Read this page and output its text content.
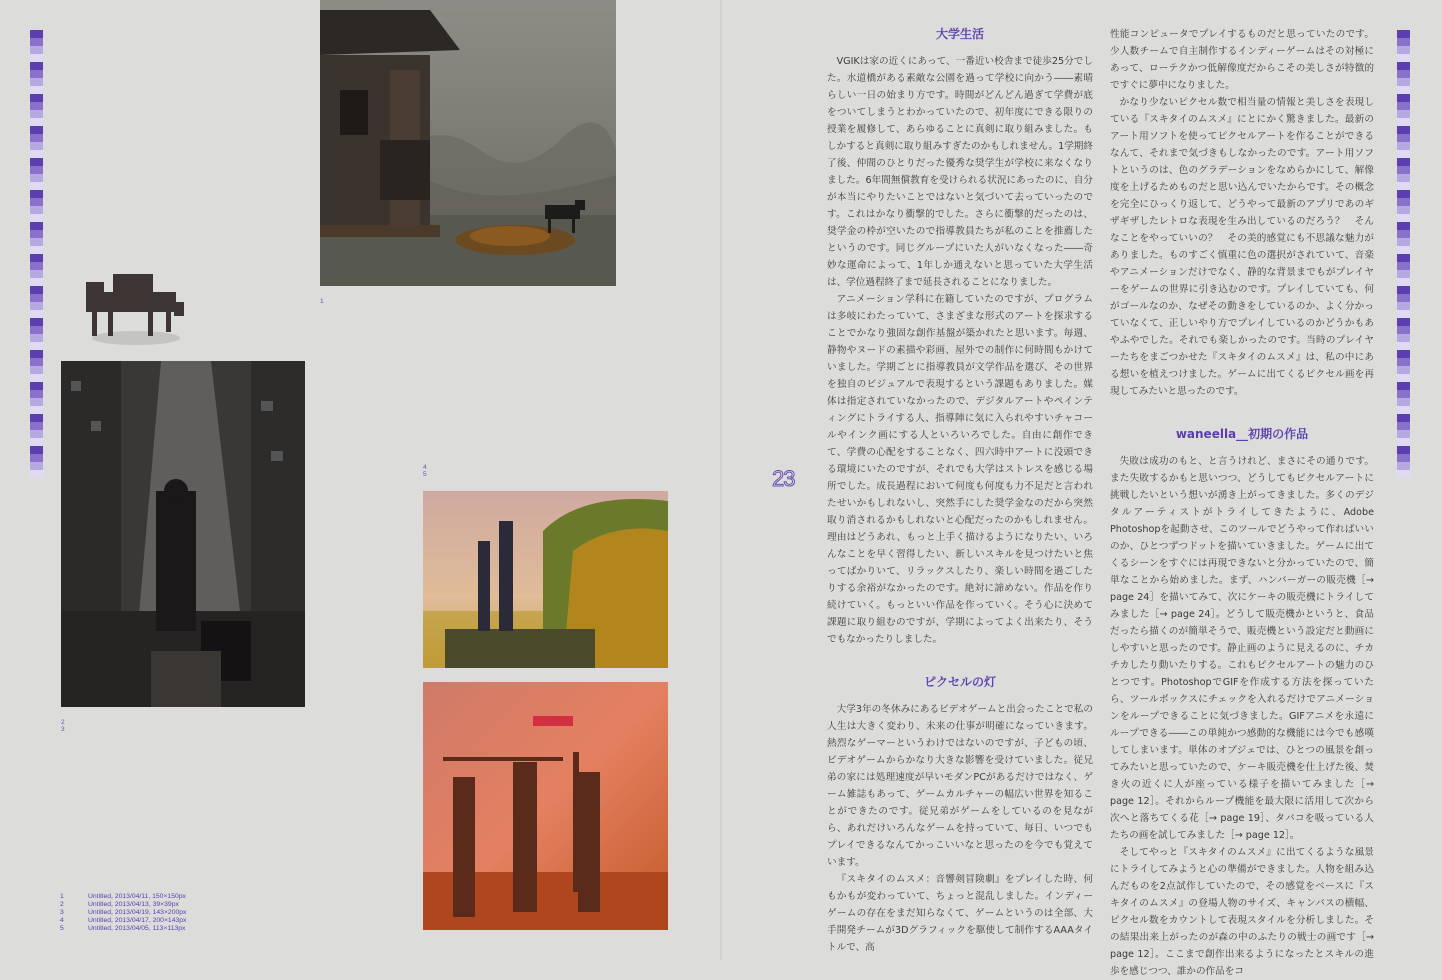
1
2
3
4
5
1	Untitled, 2013/04/11, 150×150px
2	Untitled, 2013/04/13, 39×39px
3	Untitled, 2013/04/19, 143×200px
4	Untitled, 2013/04/17, 200×143px
5	Untitled, 2013/04/05, 113×113px
23
大学生活

VGIKは家の近くにあって、一番近い校舎まで徒歩25分でした。水道橋がある素敵な公園を過って学校に向かう――素晴らしい一日の始まり方です。時間がどんどん過ぎて学費が底をついてしまうとわかっていたので、初年度にできる限りの授業を履修して、あらゆることに真剣に取り組みました。もしかすると真剣に取り組みすぎたのかもしれません。1学期終了後、仲間のひとりだった優秀な奨学生が学校に来なくなりました。6年間無償教育を受けられる状況にあったのに、自分が本当にやりたいことではないと気づいて去っていったのです。これはかなり衝撃的でした。さらに衝撃的だったのは、奨学金の枠が空いたので指導教員たちが私のことを推薦したというのです。同じグループにいた人がいなくなった――奇妙な運命によって、1年しか通えないと思っていた大学生活は、学位過程終了まで延長されることになりました。

アニメーション学科に在籍していたのですが、プログラムは多岐にわたっていて、さまざまな形式のアートを探求することでかなり強固な創作基盤が築かれたと思います。毎週、静物やヌードの素描や彩画、屋外での制作に何時間もかけていました。学期ごとに指導教員が文学作品を選び、その世界を独自のビジュアルで表現するという課題もありました。媒体は指定されていなかったので、デジタルアートやペインティングにトライする人、指導陣に気に入られやすいチャコールやインク画にする人といろいろでした。自由に創作できて、学費の心配をすることなく、四六時中アートに没頭できる環境にいたのですが、それでも大学はストレスを感じる場所でした。成長過程において何度も何度も力不足だと言われたせいかもしれないし、突然手にした奨学金なのだから突然取り消されるかもしれないと心配だったのかもしれません。理由はどうあれ、もっと上手く描けるようになりたい、いろんなことを早く習得したい、新しいスキルを見つけたいと焦ってばかりいて、リラックスしたり、楽しい時間を過ごしたりする余裕がなかったのです。絶対に諦めない。作品を作り続けていく。もっといい作品を作っていく。そう心に決めて課題に取り組むのですが、学期によってよく出来たり、そうでもなかったりしました。

ピクセルの灯

大学3年の冬休みにあるビデオゲームと出会ったことで私の人生は大きく変わり、未来の仕事が明確になっていきます。熱烈なゲーマーというわけではないのですが、子どもの頃、ビデオゲームからかなり大きな影響を受けていました。従兄弟の家には処理速度が早いモダンPCがあるだけではなく、ゲーム雑誌もあって、ゲームカルチャーの幅広い世界を知ることができたのです。従兄弟がゲームをしているのを見ながら、あれだけいろんなゲームを持っていて、毎日、いつでもプレイできるなんてかっこいいなと思ったのを今でも覚えています。

『スキタイのムスメ：音響剣冒険劇』をプレイした時、何もかもが変わっていて、ちょっと混乱しました。インディーゲームの存在をまだ知らなくて、ゲームというのは全部、大手開発チームが3Dグラフィックを駆使して制作するAAAタイトルで、高

性能コンピュータでプレイするものだと思っていたのです。少人数チームで自主制作するインディーゲームはその対極にあって、ローテクかつ低解像度だからこその美しさが特徴的ですぐに夢中になりました。

かなり少ないピクセル数で相当量の情報と美しさを表現している『スキタイのムスメ』にとにかく驚きました。最新のアート用ソフトを使ってピクセルアートを作ることができるなんて、それまで気づきもしなかったのです。アート用ソフトというのは、色のグラデーションをなめらかにして、解像度を上げるためものだと思い込んでいたからです。その概念を完全にひっくり返して、どうやって最新のアプリであのギザギザしたレトロな表現を生み出しているのだろう？　そんなことをやっていいの？　その美的感覚にも不思議な魅力がありました。ものすごく慎重に色の選択がされていて、音楽やアニメーションだけでなく、静的な背景までもがプレイヤーをゲームの世界に引き込むのです。プレイしていても、何がゴールなのか、なぜその動きをしているのか、よく分かっていなくて、正しいやり方でプレイしているのかどうかもあやふやでした。それでも楽しかったのです。当時のプレイヤーたちをまごつかせた『スキタイのムスメ』は、私の中にある想いを植えつけました。ゲームに出てくるピクセル画を再現してみたいと思ったのです。

waneella__初期の作品

失敗は成功のもと、と言うけれど、まさにその通りです。また失敗するかもと思いつつ、どうしてもピクセルアートに挑戦したいという想いが湧き上がってきました。多くのデジタルアーティストがトライしてきたように、Adobe Photoshopを起動させ、このツールでどうやって作ればいいのか、ひとつずつドットを描いていきました。ゲームに出てくるシーンをすぐには再現できないと分かっていたので、簡単なことから始めました。まず、ハンバーガーの販売機［→ page 24］を描いてみて、次にケーキの販売機にトライしてみました［→ page 24］。どうして販売機かというと、食品だったら描くのが簡単そうで、販売機という設定だと動画にしやすいと思ったのです。静止画のように見えるのに、チカチカしたり動いたりする。これもピクセルアートの魅力のひとつです。PhotoshopでGIFを作成する方法を探っていたら、ツールボックスにチェックを入れるだけでアニメーションをループできることに気づきました。GIFアニメを永遠にループできる――この単純かつ感動的な機能には今でも感嘆してしまいます。単体のオブジェでは、ひとつの風景を創ってみたいと思っていたので、ケーキ販売機を仕上げた後、焚き火の近くに人が座っている様子を描いてみました［→ page 12］。それからループ機能を最大限に活用して次から次へと落ちてくる花［→ page 19］、タバコを吸っている人たちの画を試してみました［→ page 12］。

そしてやっと『スキタイのムスメ』に出てくるような風景にトライしてみようと心の準備ができました。人物を組み込んだものを2点試作していたので、その感覚をベースに『スキタイのムスメ』の登場人物のサイズ、キャンバスの横幅、ピクセル数をカウントして表現スタイルを分析しました。その結果出来上がったのが森の中のふたりの戦士の画です［→ page 12］。ここまで創作出来るようになったとスキルの進歩を感じつつ、誰かの作品をコ
